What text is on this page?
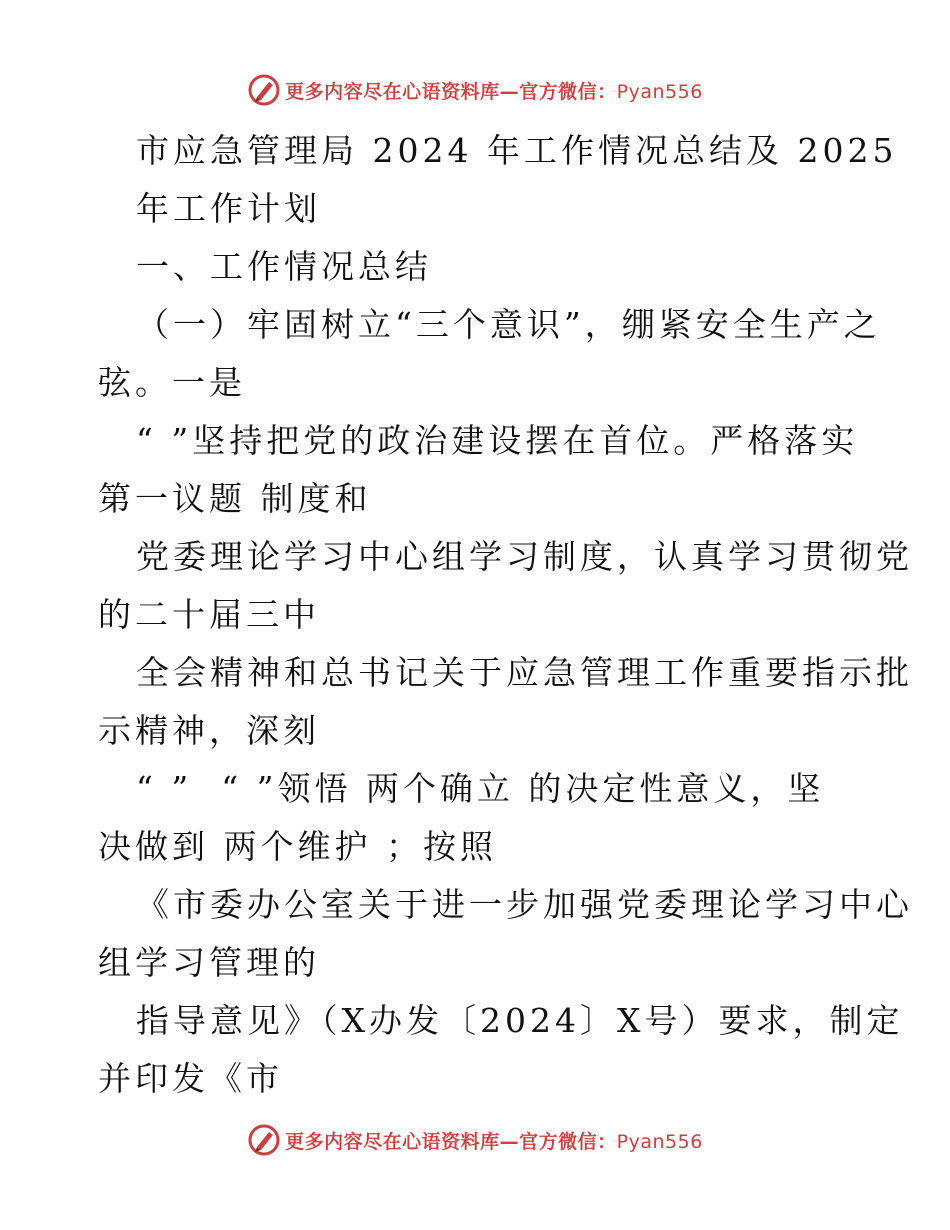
更多内容尽在心语资料库—官方微信：Pyan556
市应急管理局 2024 年工作情况总结及 2025
年工作计划
一、工作情况总结
（一）牢固树立“三个意识”，绷紧安全生产之
弦。一是
“ ”坚持把党的政治建设摆在首位。严格落实
第一议题 制度和
党委理论学习中心组学习制度，认真学习贯彻党
的二十届三中
全会精神和总书记关于应急管理工作重要指示批
示精神，深刻
“ ”  “ ”领悟 两个确立 的决定性意义，坚
决做到 两个维护 ；按照
《市委办公室关于进一步加强党委理论学习中心
组学习管理的
指导意见》（X办发〔2024〕X号）要求，制定
并印发《市
更多内容尽在心语资料库—官方微信：Pyan556
